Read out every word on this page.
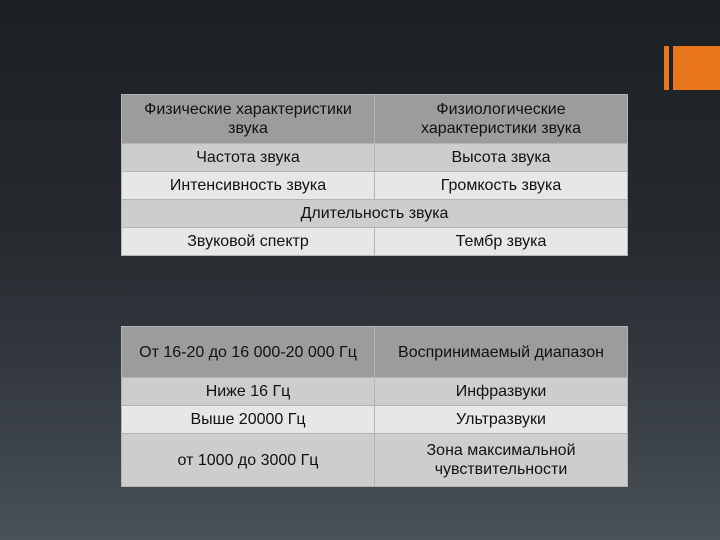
Физические характеристики звука	Физиологические характеристики звука
Частота звука	Высота звука
Интенсивность звука	Громкость звука
Длительность звука	
Звуковой спектр	Тембр звука
От 16-20 до 16 000-20 000 Гц	Воспринимаемый диапазон
Ниже 16 Гц	Инфразвуки
Выше 20000 Гц	Ультразвуки
от 1000 до 3000 Гц	Зона максимальной чувствительности
